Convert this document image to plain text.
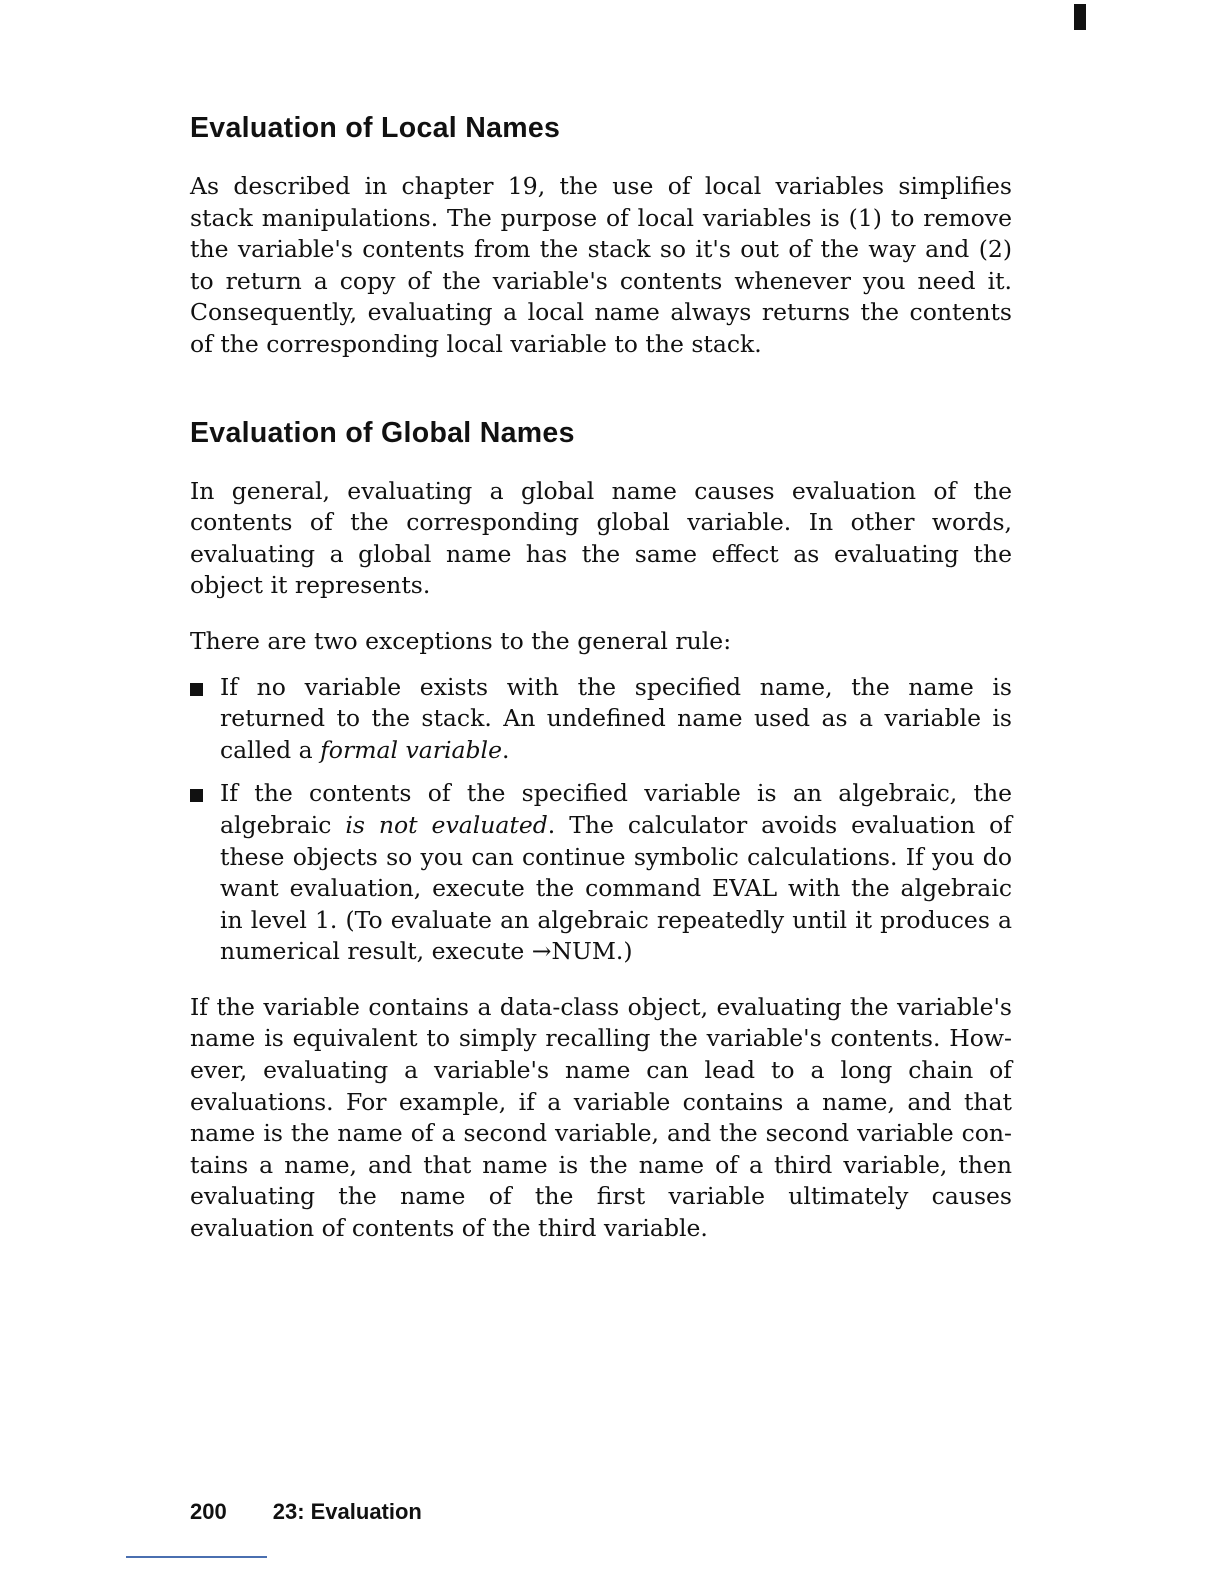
Evaluation of Local Names

As described in chapter 19, the use of local variables simplifies stack manipulations. The purpose of local variables is (1) to remove the variable's contents from the stack so it's out of the way and (2) to return a copy of the variable's contents whenever you need it. Consequently, evaluating a local name always returns the contents of the corresponding local variable to the stack.

Evaluation of Global Names

In general, evaluating a global name causes evaluation of the contents of the corresponding global variable. In other words, evaluating a global name has the same effect as evaluating the object it represents.

There are two exceptions to the general rule:

If no variable exists with the specified name, the name is returned to the stack. An undefined name used as a variable is called a formal variable.
If the contents of the specified variable is an algebraic, the algebraic is not evaluated. The calculator avoids evaluation of these objects so you can continue symbolic calculations. If you do want evaluation, execute the command EVAL with the algebraic in level 1. (To evaluate an algebraic repeatedly until it produces a numerical result, execute →NUM.)

If the variable contains a data-class object, evaluating the variable's name is equivalent to simply recalling the variable's contents. However, evaluating a variable's name can lead to a long chain of evaluations. For example, if a variable contains a name, and that name is the name of a second variable, and the second variable contains a name, and that name is the name of a third variable, then evaluating the name of the first variable ultimately causes evaluation of contents of the third variable.

200 23: Evaluation
